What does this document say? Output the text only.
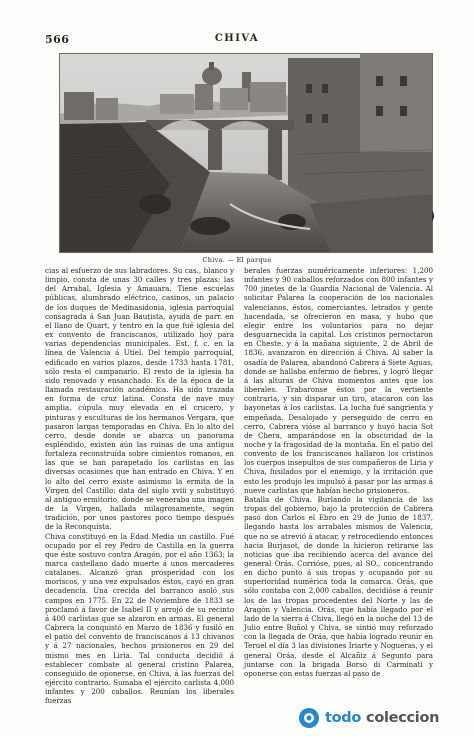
566	CHIVA
Chiva. — El parque

cias al esfuerzo de sus labradores. Su cas., blanco y limpio, consta de unas 30 calles y tres plazas: las del Arrabal, Iglesia y Amauara. Tiene escuelas públicas, alumbrado eléctrico, casinos, un palacio de los duques de Medinasidonia, iglesia parroquial consagrada á San Juan Bautista, ayuda de parr. en el llano de Quart, y tentro en la que fué iglesia del ex convento de franciscanos, utilizado hoy para varias dependencias municipales. Est. f. c. en la línea de Valencia á Utiel. Del templo parroquial, edificado en varios plazos, desde 1733 hasta 1781, sólo resta el campanario. El resto de la iglesia ha sido renovado y ensanchado. Es de la época de la llamada restauración académica. Ha sido trazada en forma de cruz latina. Consta de nave muy amplia, cúpula muy elevada en el crucero, y pinturas y esculturas de los hermanos Vergara, que pasaron largas temporadas en Chiva. En lo alto del cerro, desde donde se abarca un panorama espléndido, existen aún las ruinas de una antigua fortaleza reconstruída sobre cimientos romanos, en las que se han parapetado los carlistas en las diversas ocasiones que han entrado en Chiva. Y en lo alto del cerro existe asimismo la ermita de la Virgen del Castillo; data del siglo xviii y substituyó al antiguo ermitorio, donde se veneraba una imagen de la Virgen, hallada milagrosamente, según tradición, por unos pastores poco tiempo después de la Reconquista.

Chiva constituyó en la Edad Media un castillo. Fué ocupado por el rey Pedro de Castilla en la guerra que éste sostuvo contra Aragón, por el año 1363; la marca castellano dado muerte á unos mercaderes catalanes. Alcanzó gran prosperidad con los moriscos, y una vez expulsados éstos, cayó en gran decadencia. Una crecida del barranco asoló sus campos en 1775. En 22 de Noviembre de 1833 se proclamó á favor de Isabel II y arrojó de su recinto á 400 carlistas que se alzaron en armas. El general Cabrera la conquistó en Marzo de 1836 y fusiló en el patio del convento de franciscanos á 13 chivanos y á 27 nacionales, hechos prisioneros en 29 del mismo mes en Liria. Tal conducta decidió á establecer combate al general cristino Palarea, conseguido de oponerse, en Chiva, á las fuerzas del ejército contrario. Sumaba el ejército carlista 4,000 infantes y 200 caballos. Reunían los liberales fuerzas

berales fuerzas numéricamente inferiores: 1,200 infantes y 90 caballos reforzados con 800 infantes y 700 jinetes de la Guardia Nacional de Valencia. Al solicitar Palarea la cooperación de los nacionales valencianos, éstos, comerciantes, letrados y gente hacendada, se ofrecieron en masa, y hubo que elegir entre los voluntarios para no dejar desguarnecida la capital. Los cristinos pernoctaron en Cheste, y á la mañana siguiente, 2 de Abril de 1836, avanzaron en dirección á Chiva. Al saber la osadía de Palarea, abandonó Cabrera á Siete Aguas, donde se hallaba enfermo de fiebres, y logró llegar á las alturas de Chiva momentos antes que los liberales. Trabaronse éstos por la vertiente contraria, y sin disparar un tiro, atacaron con las bayonetas á los carlistas. La lucha fué sangrienta y empeñada. Desalojado y perseguido de cerro en cerro, Cabrera vióse al barranco y huyó hacia Sot de Chera, amparándose en la obscuridad de la noche y la fragosidad de la montaña. En el patio del convento de los franciscanos hallaron los cristinos los cuerpos insepultos de sus compañeros de Liria y Chiva, fusilados por el enemigo, y la irritación que esto les produjo les impulsó á pasar por las armas á nueve carlistas que habían hecho prisioneros.

Batalla de Chiva. Burlando la vigilancia de las tropas del gobierno, bajo la protección de Cabrera pasó don Carlos el Ebro en 29 de Junio de 1837, llegando hasta los arrabales mismos de Valencia, que no se atrevió á atacar, y retrocediendo entonces hacia Burjasot, de donde la hicieron retirarse las noticias que iba recibiendo acerca del avance del general Orás. Corrióse, pues, al SO., concentrando en dicho punto á sus tropas y ocupando por su superioridad numérica toda la comarca. Orás, que sólo contaba con 2,000 caballos, decidióse á reunir los de las tropas procedentes del Norte y las de Aragón y Valencia. Orás, que había llegado por el lado de la sierra á Chiva, llegó en la noche del 13 de Julio entre Buñol y Chiva, se sintió muy reforzado con la llegada de Oráa, que había logrado reunir en Teruel el día 3 las divisiones Iriarte y Nogueras, y el general Oráa, desde el Alcañiz á Segunto para juntarse con la brigada Borso di Carminati y oponerse con estas fuerzas al paso de

todo coleccion
